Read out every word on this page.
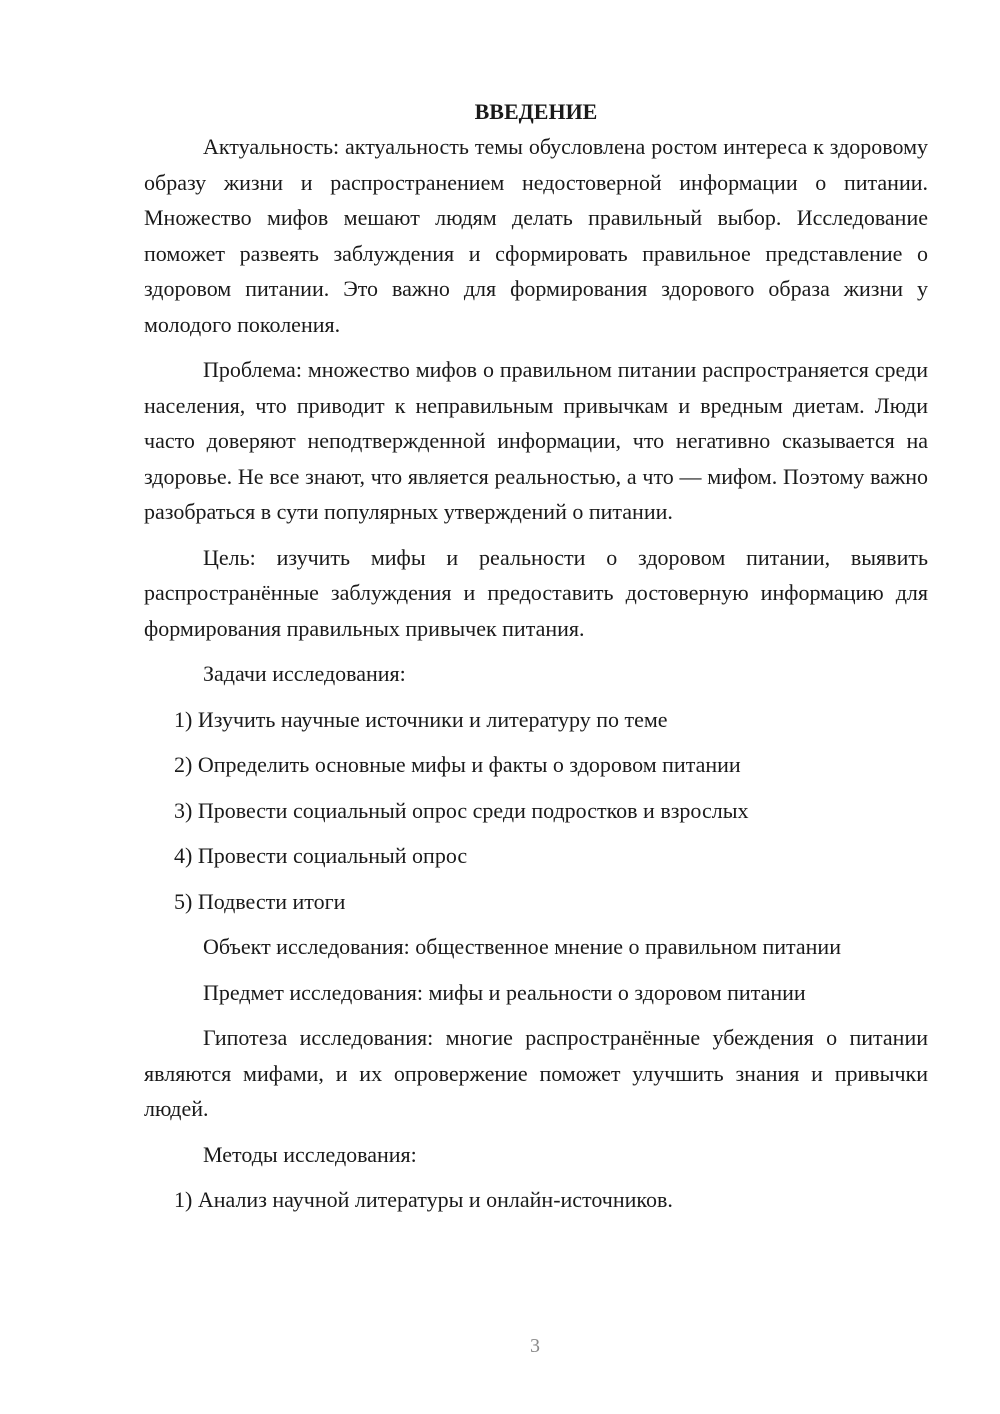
ВВЕДЕНИЕ

Актуальность: актуальность темы обусловлена ростом интереса к здоровому образу жизни и распространением недостоверной информации о питании. Множество мифов мешают людям делать правильный выбор. Исследование поможет развеять заблуждения и сформировать правильное представление о здоровом питании. Это важно для формирования здорового образа жизни у молодого поколения.

Проблема: множество мифов о правильном питании распространяется среди населения, что приводит к неправильным привычкам и вредным диетам. Люди часто доверяют неподтвержденной информации, что негативно сказывается на здоровье. Не все знают, что является реальностью, а что — мифом. Поэтому важно разобраться в сути популярных утверждений о питании.

Цель: изучить мифы и реальности о здоровом питании, выявить распространённые заблуждения и предоставить достоверную информацию для формирования правильных привычек питания.

Задачи исследования:

1) Изучить научные источники и литературу по теме

2) Определить основные мифы и факты о здоровом питании

3) Провести социальный опрос среди подростков и взрослых

4) Провести социальный опрос

5) Подвести итоги

Объект исследования: общественное мнение о правильном питании

Предмет исследования: мифы и реальности о здоровом питании

Гипотеза исследования: многие распространённые убеждения о питании являются мифами, и их опровержение поможет улучшить знания и привычки людей.

Методы исследования:

1) Анализ научной литературы и онлайн-источников.

3
